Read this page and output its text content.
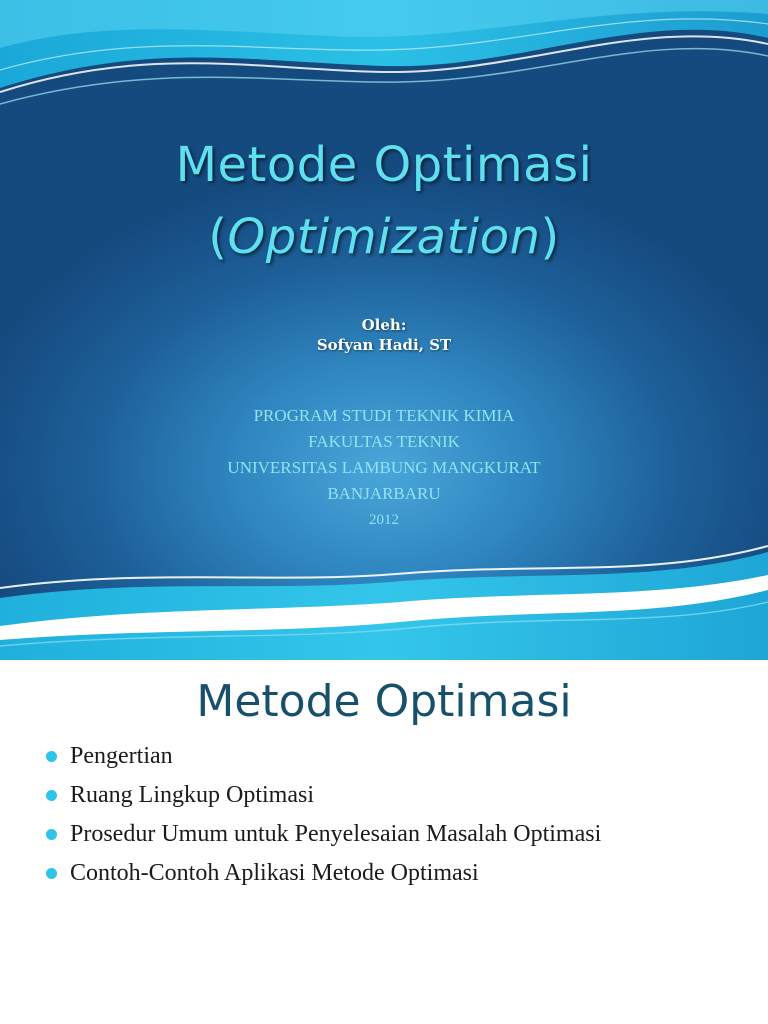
Metode Optimasi
(Optimization)
Oleh:
Sofyan Hadi, ST
PROGRAM STUDI TEKNIK KIMIA
FAKULTAS TEKNIK
UNIVERSITAS LAMBUNG MANGKURAT
BANJARBARU
2012
Metode Optimasi
Pengertian
Ruang Lingkup Optimasi
Prosedur Umum untuk Penyelesaian Masalah Optimasi
Contoh-Contoh Aplikasi Metode Optimasi
